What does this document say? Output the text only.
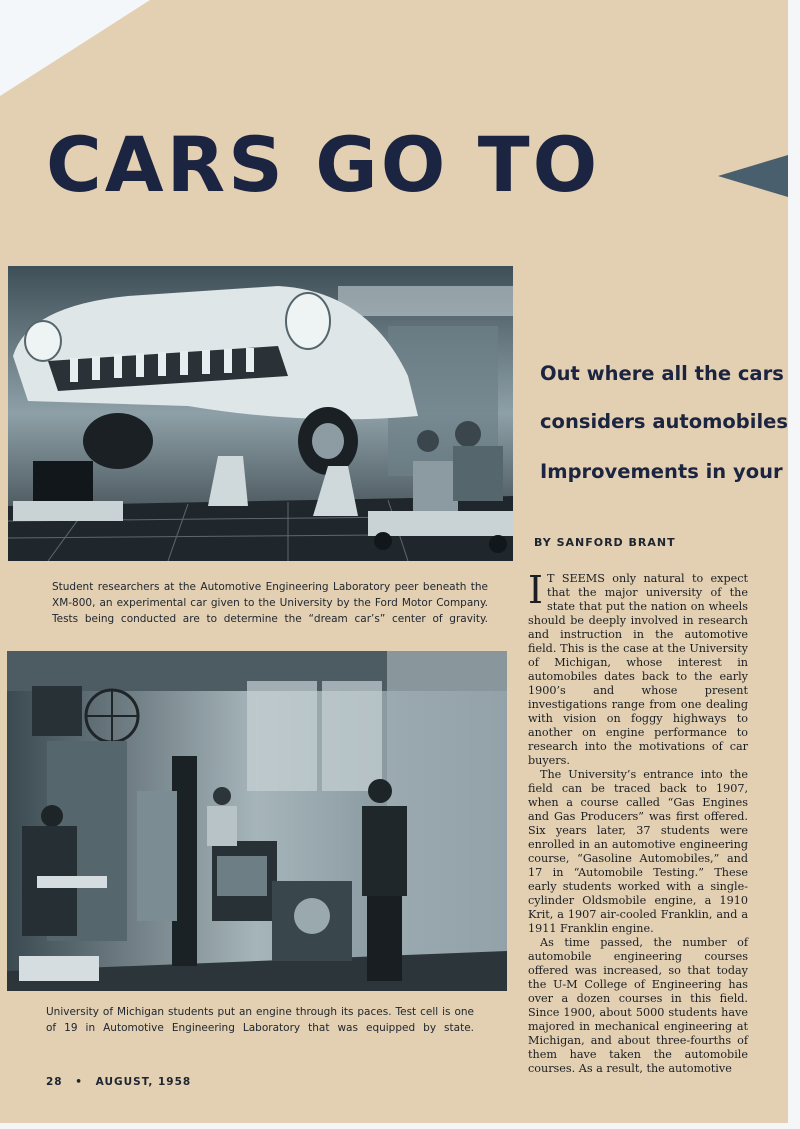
CARS GO TO
Student researchers at the Automotive Engineering Laboratory peer beneath the XM-800, an experimental car given to the University by the Ford Motor Company. Tests being conducted are to determine the “dream car’s” center of gravity.
University of Michigan students put an engine through its paces. Test cell is one of 19 in Automotive Engineering Laboratory that was equipped by state.
Out where all the cars
considers automobiles
Improvements in your
BY SANFORD BRANT

I T SEEMS only natural to expect that the major university of the state that put the nation on wheels should be deeply involved in research and instruction in the automotive field. This is the case at the University of Michigan, whose interest in automobiles dates back to the early 1900’s and whose present investigations range from one dealing with vision on foggy highways to another on engine performance to research into the motivations of car buyers.

The University’s entrance into the field can be traced back to 1907, when a course called “Gas Engines and Gas Producers” was first offered. Six years later, 37 students were enrolled in an automotive engineering course, “Gasoline Automobiles,” and 17 in “Automobile Testing.” These early students worked with a single-cylinder Oldsmobile engine, a 1910 Krit, a 1907 air-cooled Franklin, and a 1911 Franklin engine.

As time passed, the number of automobile engineering courses offered was increased, so that today the U-M College of Engineering has over a dozen courses in this field. Since 1900, about 5000 students have majored in mechanical engineering at Michigan, and about three-fourths of them have taken the automobile courses. As a result, the automotive

28 • AUGUST, 1958
